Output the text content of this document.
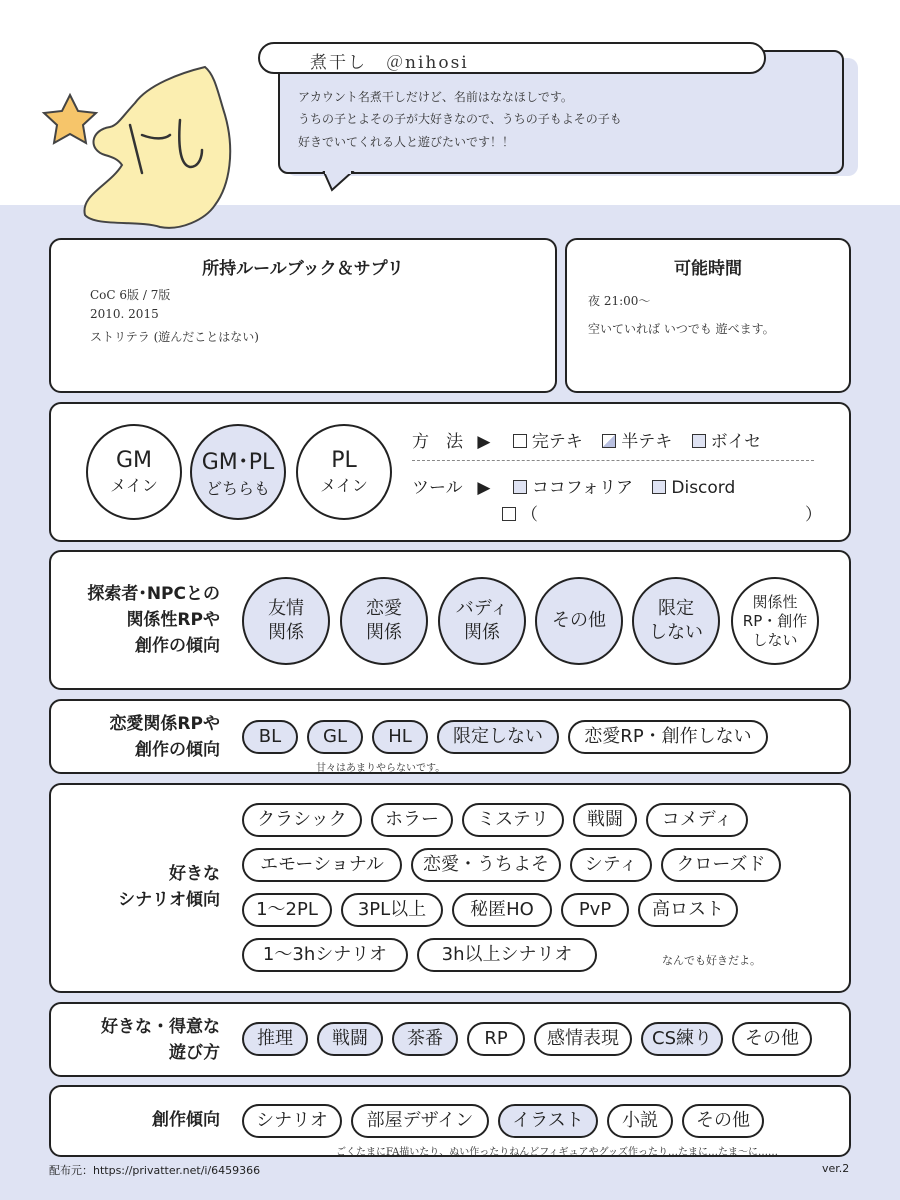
煮干し　＠nihosi
アカウント名煮干しだけど、名前はななほしです。
うちの子とよその子が大好きなので、うちの子もよその子も
好きでいてくれる人と遊びたいです！！
所持ルールブック＆サプリ
CoC 6版 / 7版
2010. 2015
ストリテラ (遊んだことはない)
可能時間
夜 21:00〜
空いていれば いつでも 遊べます。
GM
メイン
GM･PL
どちらも
PL
メイン
方　法 ▶ 完テキ 半テキ ボイセ
ツール ▶ ココフォリア Discord
（	）
探索者･NPCとの
関係性RPや
創作の傾向
友情
関係
恋愛
関係
バディ
関係
その他
限定
しない
関係性
RP・創作
しない
恋愛関係RPや
創作の傾向
BL	GL	HL	限定しない	恋愛RP・創作しない
甘々はあまりやらないです。
好きな
シナリオ傾向
クラシック	ホラー	ミステリ	戦闘	コメディ
エモーショナル	恋愛・うちよそ	シティ	クローズド
1〜2PL	3PL以上	秘匿HO	PvP	高ロスト
1〜3hシナリオ	3h以上シナリオ	なんでも好きだよ。
好きな・得意な
遊び方
推理	戦闘	茶番	RP	感情表現	CS練り	その他
創作傾向	シナリオ	部屋デザイン	イラスト	小説	その他
ごくたまにFA描いたり、ぬい作ったりねんどフィギュアやグッズ作ったり…たまに…たま〜に……
配布元：https://privatter.net/i/6459366	ver.2
